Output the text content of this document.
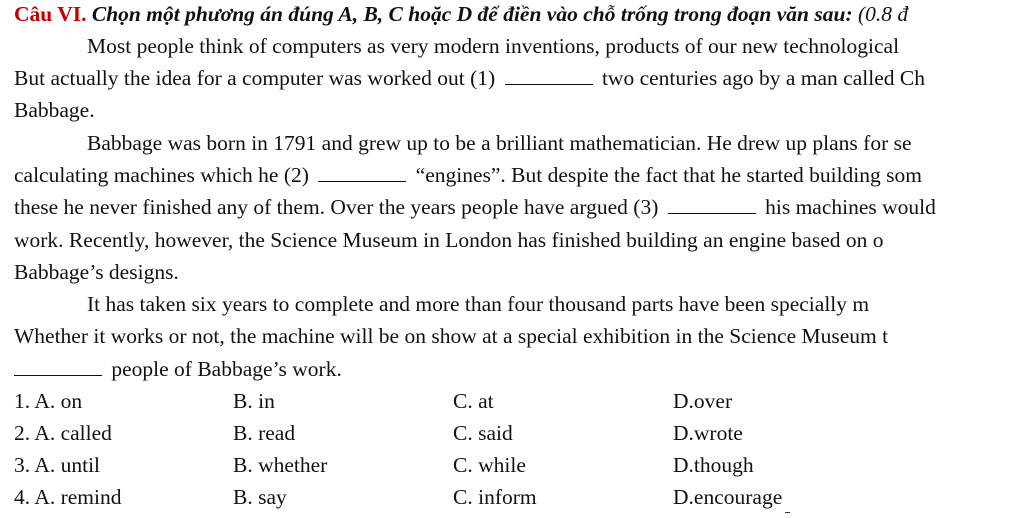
Câu VI. Chọn một phương án đúng A, B, C hoặc D để điền vào chỗ trống trong đoạn văn sau: (0.8 đ
Most people think of computers as very modern inventions, products of our new technological
But actually the idea for a computer was worked out (1)	two centuries ago by a man called Ch
Babbage.
Babbage was born in 1791 and grew up to be a brilliant mathematician. He drew up plans for se
calculating machines which he (2)	“engines”. But despite the fact that he started building som
these he never finished any of them. Over the years people have argued (3)	his machines would
work. Recently, however, the Science Museum in London has finished building an engine based on o
Babbage’s designs.
It has taken six years to complete and more than four thousand parts have been specially m
Whether it works or not, the machine will be on show at a special exhibition in the Science Museum t
people of Babbage’s work.
1. A. on	B. in	C. at	D.over
2. A. called	B. read	C. said	D.wrote
3. A. until	B. whether	C. while	D.though
4. A. remind	B. say	C. inform	D.encourage
